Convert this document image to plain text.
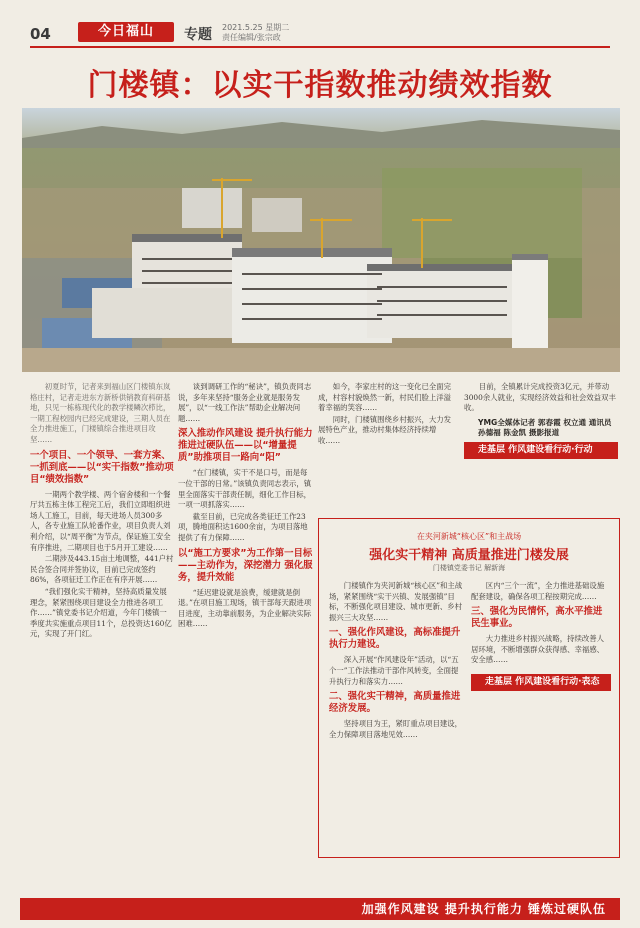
04	今日福山	专题 2021.5.25 星期二
责任编辑/张宗政
门楼镇：以实干指数推动绩效指数

初夏时节，记者来到福山区门楼镇东岚格庄村，记者走进东方新桥供销教育科研基地，只见一栋栋现代化的教学楼鳞次栉比，一期工程校园内已经完成建设，三期人员在全力推进施工，门楼镇综合推进项目攻坚……

一个项目、一个领导、一套方案、一抓到底——以“实干指数”推动项目“绩效指数”

一期两个教学楼、两个宿舍楼和一个餐厅共五栋主体工程完工后，我们立即组织进场人工施工，目前，每天进场人员300多人，各专业施工队轮番作业，项目负责人刘利介绍，以“周平衡”为节点，保证施工安全有序推进，二期项目也于5月开工建设……

二期涉及443.15亩土地调整，441户村民合签合同并签协议，目前已完成签约86%，各项征迁工作正在有序开展……

“我们强化实干精神，坚持高质量发展理念，紧紧围绕项目建设全力推进各项工作……”镇党委书记介绍道，今年门楼镇一季度共实施重点项目11个，总投资达160亿元，实现了开门红。

谈到调研工作的“秘诀”，镇负责同志说，多年来坚持“服务企业就是服务发展”，以“一线工作法”帮助企业解决问题……

深入推动作风建设 提升执行能力推进过硬队伍——以“增量提质”助推项目一路向“阳”

“在门楼镇，实干不是口号，而是每一位干部的日常。”该镇负责同志表示，镇里全面落实干部责任制，细化工作目标，一项一项抓落实……

截至目前，已完成各类征迁工作23项，腾地面积达1600余亩，为项目落地提供了有力保障……

以“施工方要求”为工作第一目标——主动作为，深挖潜力 强化服务，提升效能

“延迟建设就是浪费，缓建就是倒退。”在项目施工现场，镇干部每天跟进项目进度，主动靠前服务，为企业解决实际困难……

如今，李家庄村的这一变化已全面完成，村容村貌焕然一新，村民们脸上洋溢着幸福的笑容……

同时，门楼镇围绕乡村振兴，大力发展特色产业，推动村集体经济持续增收……

目前，全镇累计完成投资3亿元，并带动3000余人就业，实现经济效益和社会效益双丰收。

YMG全媒体记者 郭春霞 权立通 通讯员 孙德福 陈金凯 摄影报道
走基层 作风建设看行动·行动
在夹河新城“核心区”和主战场
强化实干精神 高质量推进门楼发展
门楼镇党委书记 解新海

门楼镇作为夹河新城“核心区”和主战场，紧紧围绕“实干兴镇、发展强镇”目标，不断强化项目建设、城市更新、乡村振兴三大攻坚……

一、强化作风建设，高标准提升执行力建设。

深入开展“作风建设年”活动，以“五个一”工作法推动干部作风转变，全面提升执行力和落实力……

二、强化实干精神，高质量推进经济发展。

坚持项目为王，紧盯重点项目建设，全力保障项目落地见效……

区内“三个一流”，全力推进基础设施配套建设，确保各项工程按期完成……

三、强化为民情怀，高水平推进民生事业。

大力推进乡村振兴战略，持续改善人居环境，不断增强群众获得感、幸福感、安全感……

走基层 作风建设看行动·表态
加强作风建设 提升执行能力 锤炼过硬队伍
